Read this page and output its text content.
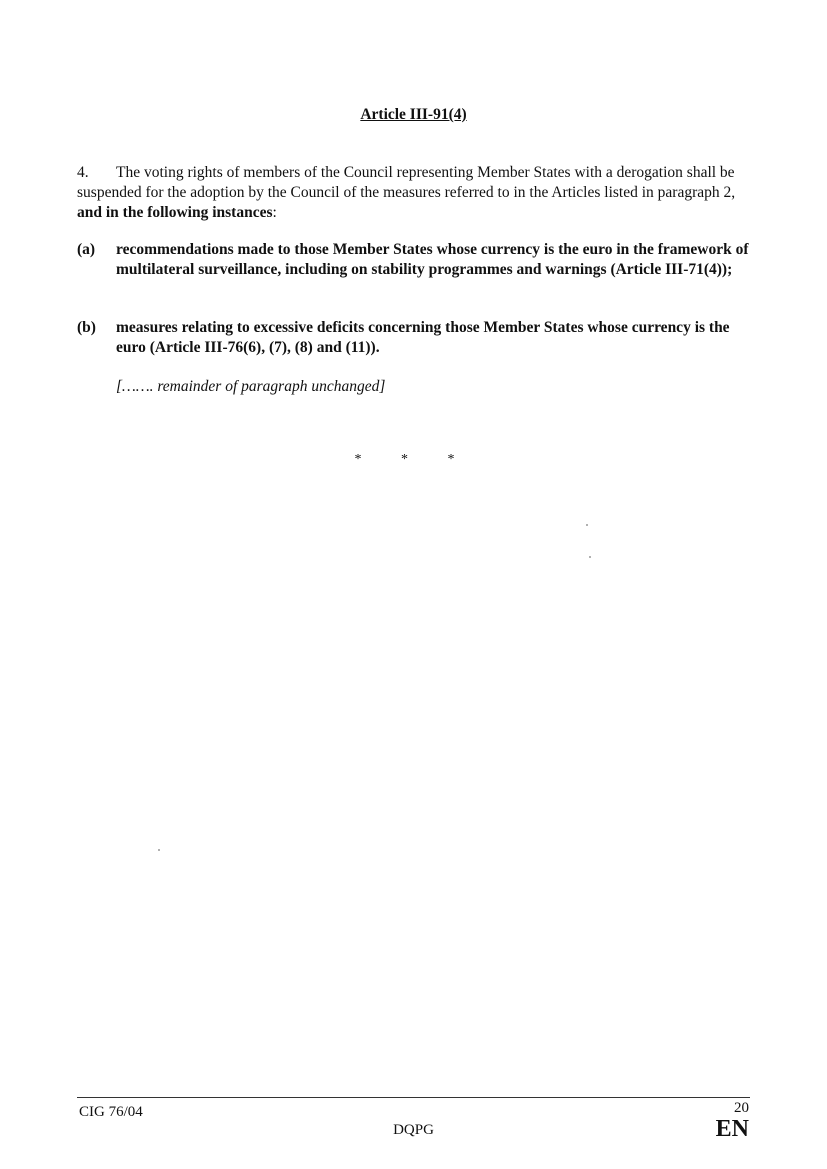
Article III-91(4)
4. The voting rights of members of the Council representing Member States with a derogation shall be suspended for the adoption by the Council of the measures referred to in the Articles listed in paragraph 2, and in the following instances:
(a)	recommendations made to those Member States whose currency is the euro in the framework of multilateral surveillance, including on stability programmes and warnings (Article III-71(4));
(b)	measures relating to excessive deficits concerning those Member States whose currency is the euro (Article III-76(6), (7), (8) and (11)).
[……. remainder of paragraph unchanged]
* * *
CIG 76/04
DQPG
20
EN
